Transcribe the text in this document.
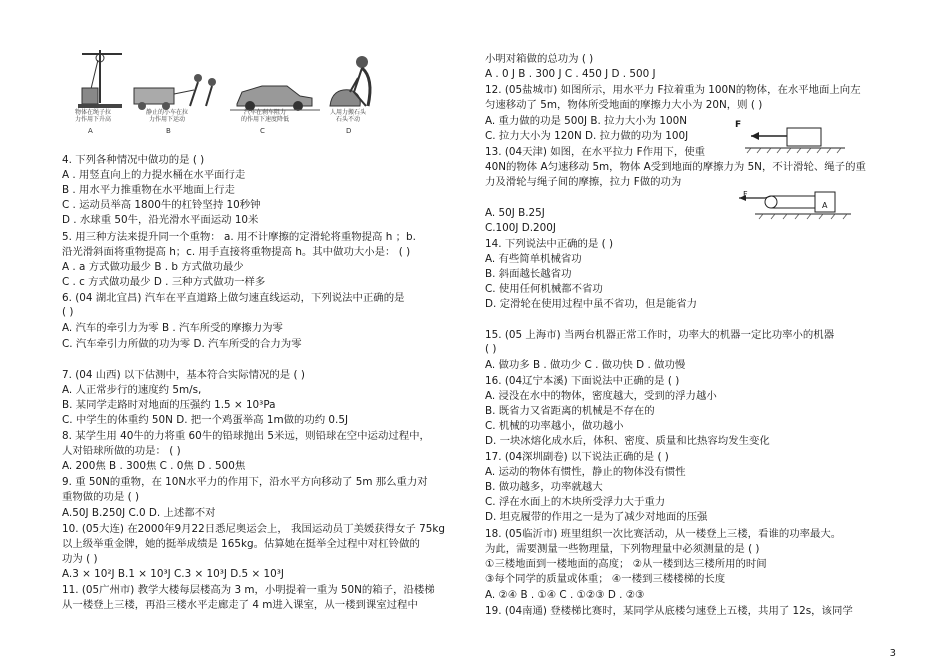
物体在绳子拉
力作用下升高
静止的小车在拉
力作用下运动
汽车在刹车阻力
的作用下速度降低
人用力搬石头
石头不动
A	B	C	D
4. 下列各种情况中做功的是 ( )
A . 用竖直向上的力提水桶在水平面行走
B . 用水平力推重物在水平地面上行走
C . 运动员举高 1800牛的杠铃坚持 10秒钟
D . 水球重 50牛，沿光滑水平面运动 10米
5. 用三种方法来提升同一个重物： a. 用不计摩擦的定滑轮将重物提高 h ；b.
沿光滑斜面将重物提高 h；c. 用手直接将重物提高 h。其中做功大小是： ( )
A . a 方式做功最少 B . b 方式做功最少
C . c 方式做功最少 D . 三种方式做功一样多
6. (04 湖北宜昌) 汽车在平直道路上做匀速直线运动，下列说法中正确的是
( )
A. 汽车的牵引力为零 B . 汽车所受的摩擦力为零
C. 汽车牵引力所做的功为零 D. 汽车所受的合力为零
7. (04 山西) 以下估测中，基本符合实际情况的是 ( )
A. 人正常步行的速度约 5m/s,
B. 某同学走路时对地面的压强约 1.5 × 10³Pa
C. 中学生的体重约 50N D. 把一个鸡蛋举高 1m做的功约 0.5J
8. 某学生用 40牛的力将重 60牛的铅球抛出 5米远，则铅球在空中运动过程中，
人对铅球所做的功是： ( )
A. 200焦 B . 300焦 C . 0焦 D . 500焦
9. 重 50N的重物，在 10N水平力的作用下，沿水平方向移动了 5m 那么重力对
重物做的功是 ( )
A.50J B.250J C.0 D. 上述都不对
10. (05大连) 在2000年9月22日悉尼奥运会上， 我国运动员丁美媛获得女子 75kg
以上级举重金牌，她的挺举成绩是 165kg。估算她在挺举全过程中对杠铃做的
功为 ( )
A.3 × 10²J B.1 × 10³J C.3 × 10³J D.5 × 10³J
11. (05广州市) 教学大楼每层楼高为 3 m，小明提着一重为 50N的箱子，沿楼梯
从一楼登上三楼，再沿三楼水平走廊走了 4 m进入课室，从一楼到课室过程中
小明对箱做的总功为 ( )
A . 0 J B . 300 J C . 450 J D . 500 J
12. (05盐城市) 如图所示，用水平力 F拉着重为 100N的物体，在水平地面上向左
匀速移动了 5m，物体所受地面的摩擦力大小为 20N，则 ( )
A. 重力做的功是 500J B. 拉力大小为 100N
C. 拉力大小为 120N D. 拉力做的功为 100J
F
13. (04天津) 如图，在水平拉力 F作用下，使重
40N的物体 A匀速移动 5m，物体 A受到地面的摩擦力为 5N，不计滑轮、绳子的重
力及滑轮与绳子间的摩擦，拉力 F做的功为
F
A
A. 50J B.25J
C.100J D.200J
14. 下列说法中正确的是 ( )
A. 有些简单机械省功
B. 斜面越长越省功
C. 使用任何机械都不省功
D. 定滑轮在使用过程中虽不省功，但是能省力
15. (05 上海市) 当两台机器正常工作时，功率大的机器一定比功率小的机器
( )
A. 做功多 B . 做功少 C . 做功快 D . 做功慢
16. (04辽宁本溪) 下面说法中正确的是 ( )
A. 浸没在水中的物体，密度越大，受到的浮力越小
B. 既省力又省距离的机械是不存在的
C. 机械的功率越小，做功越小
D. 一块冰熔化成水后，体积、密度、质量和比热容均发生变化
17. (04深圳副卷) 以下说法正确的是 ( )
A. 运动的物体有惯性，静止的物体没有惯性
B. 做功越多，功率就越大
C. 浮在水面上的木块所受浮力大于重力
D. 坦克履带的作用之一是为了减少对地面的压强
18. (05临沂市) 班里组织一次比赛活动，从一楼登上三楼，看谁的功率最大。
为此，需要测量一些物理量，下列物理量中必须测量的是 ( )
①三楼地面到一楼地面的高度； ②从一楼到达三楼所用的时间
③每个同学的质量或体重； ④一楼到三楼楼梯的长度
A. ②④ B . ①④ C . ①②③ D . ②③
19. (04南通) 登楼梯比赛时，某同学从底楼匀速登上五楼，共用了 12s，该同学
3
